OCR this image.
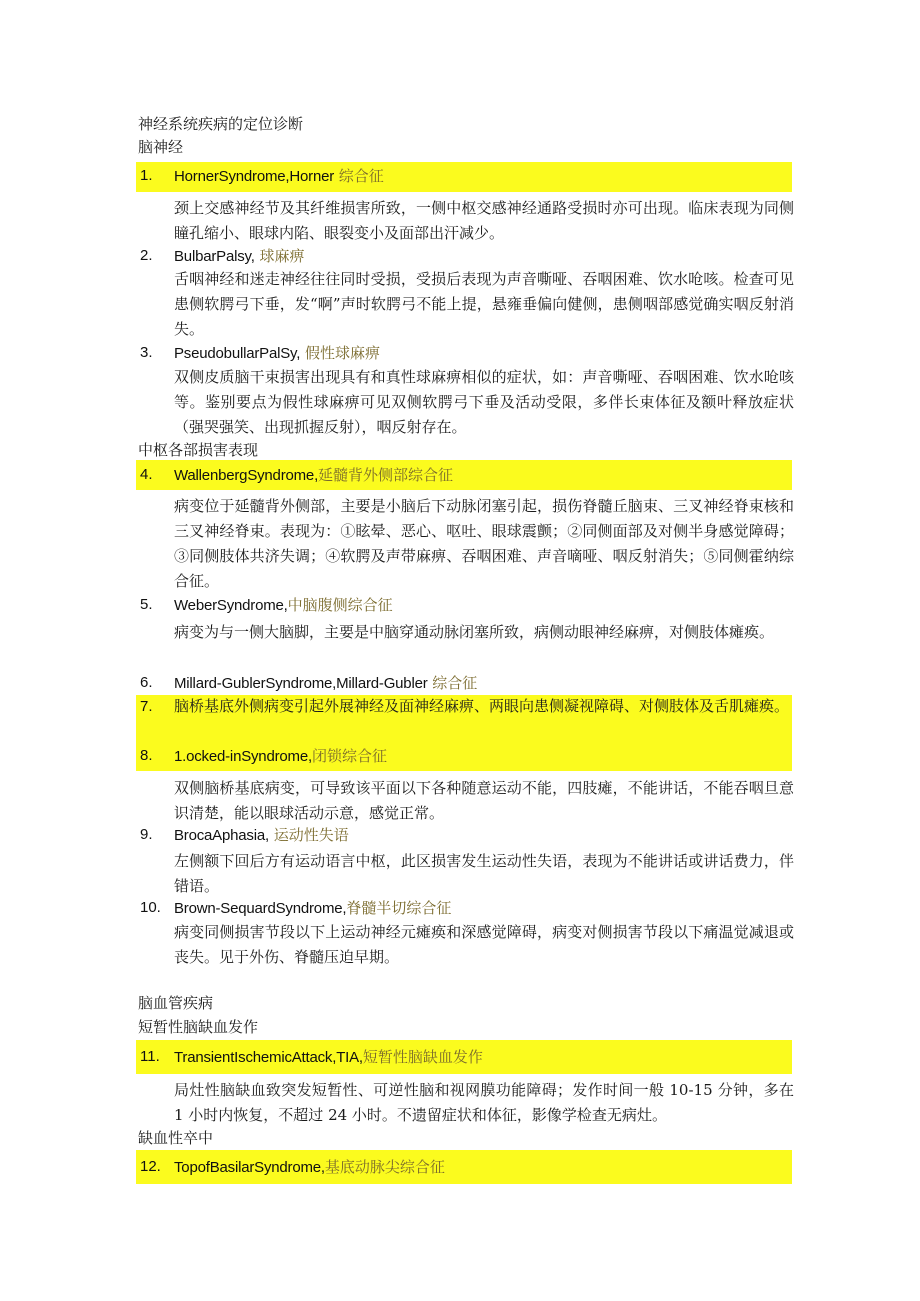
神经系统疾病的定位诊断
脑神经
1. HornerSyndrome,Horner 综合征
颈上交感神经节及其纤维损害所致，一侧中枢交感神经通路受损时亦可出现。临床表现为同侧瞳孔缩小、眼球内陷、眼裂变小及面部出汗减少。
2. BulbarPalsy, 球麻痹
舌咽神经和迷走神经往往同时受损，受损后表现为声音嘶哑、吞咽困难、饮水呛咳。检查可见患侧软腭弓下垂，发“啊”声时软腭弓不能上提，悬雍垂偏向健侧，患侧咽部感觉确实咽反射消失。
3. PseudobullarPalSy, 假性球麻痹
双侧皮质脑干束损害出现具有和真性球麻痹相似的症状，如：声音嘶哑、吞咽困难、饮水呛咳等。鉴别要点为假性球麻痹可见双侧软腭弓下垂及活动受限，多伴长束体征及额叶释放症状（强哭强笑、出现抓握反射），咽反射存在。
中枢各部损害表现
4. WallenbergSyndrome,延髓背外侧部综合征
病变位于延髓背外侧部，主要是小脑后下动脉闭塞引起，损伤脊髓丘脑束、三叉神经脊束核和三叉神经脊束。表现为：①眩晕、恶心、呕吐、眼球震颤；②同侧面部及对侧半身感觉障碍；③同侧肢体共济失调；④软腭及声带麻痹、吞咽困难、声音嘀哑、咽反射消失；⑤同侧霍纳综合征。
5. WeberSyndrome,中脑腹侧综合征
病变为与一侧大脑脚，主要是中脑穿通动脉闭塞所致，病侧动眼神经麻痹，对侧肢体瘫痪。
6. Millard-GublerSyndrome,Millard-Gubler 综合征
7. 脑桥基底外侧病变引起外展神经及面神经麻痹、两眼向患侧凝视障碍、对侧肢体及舌肌瘫痪。
8. 1.ocked-inSyndrome,闭锁综合征
双侧脑桥基底病变，可导致该平面以下各种随意运动不能，四肢瘫，不能讲话，不能吞咽旦意识清楚，能以眼球活动示意，感觉正常。
9. BrocaAphasia, 运动性失语
左侧额下回后方有运动语言中枢，此区损害发生运动性失语，表现为不能讲话或讲话费力，伴错语。
10. Brown-SequardSyndrome,脊髓半切综合征
病变同侧损害节段以下上运动神经元瘫痪和深感觉障碍，病变对侧损害节段以下痛温觉减退或丧失。见于外伤、脊髓压迫早期。
脑血管疾病
短暂性脑缺血发作
11. TransientIschemicAttack,TIA,短暂性脑缺血发作
局灶性脑缺血致突发短暂性、可逆性脑和视网膜功能障碍；发作时间一般 10-15 分钟，多在 1 小时内恢复，不超过 24 小时。不遗留症状和体征，影像学检查无病灶。
缺血性卒中
12. TopofBasilarSyndrome,基底动脉尖综合征
